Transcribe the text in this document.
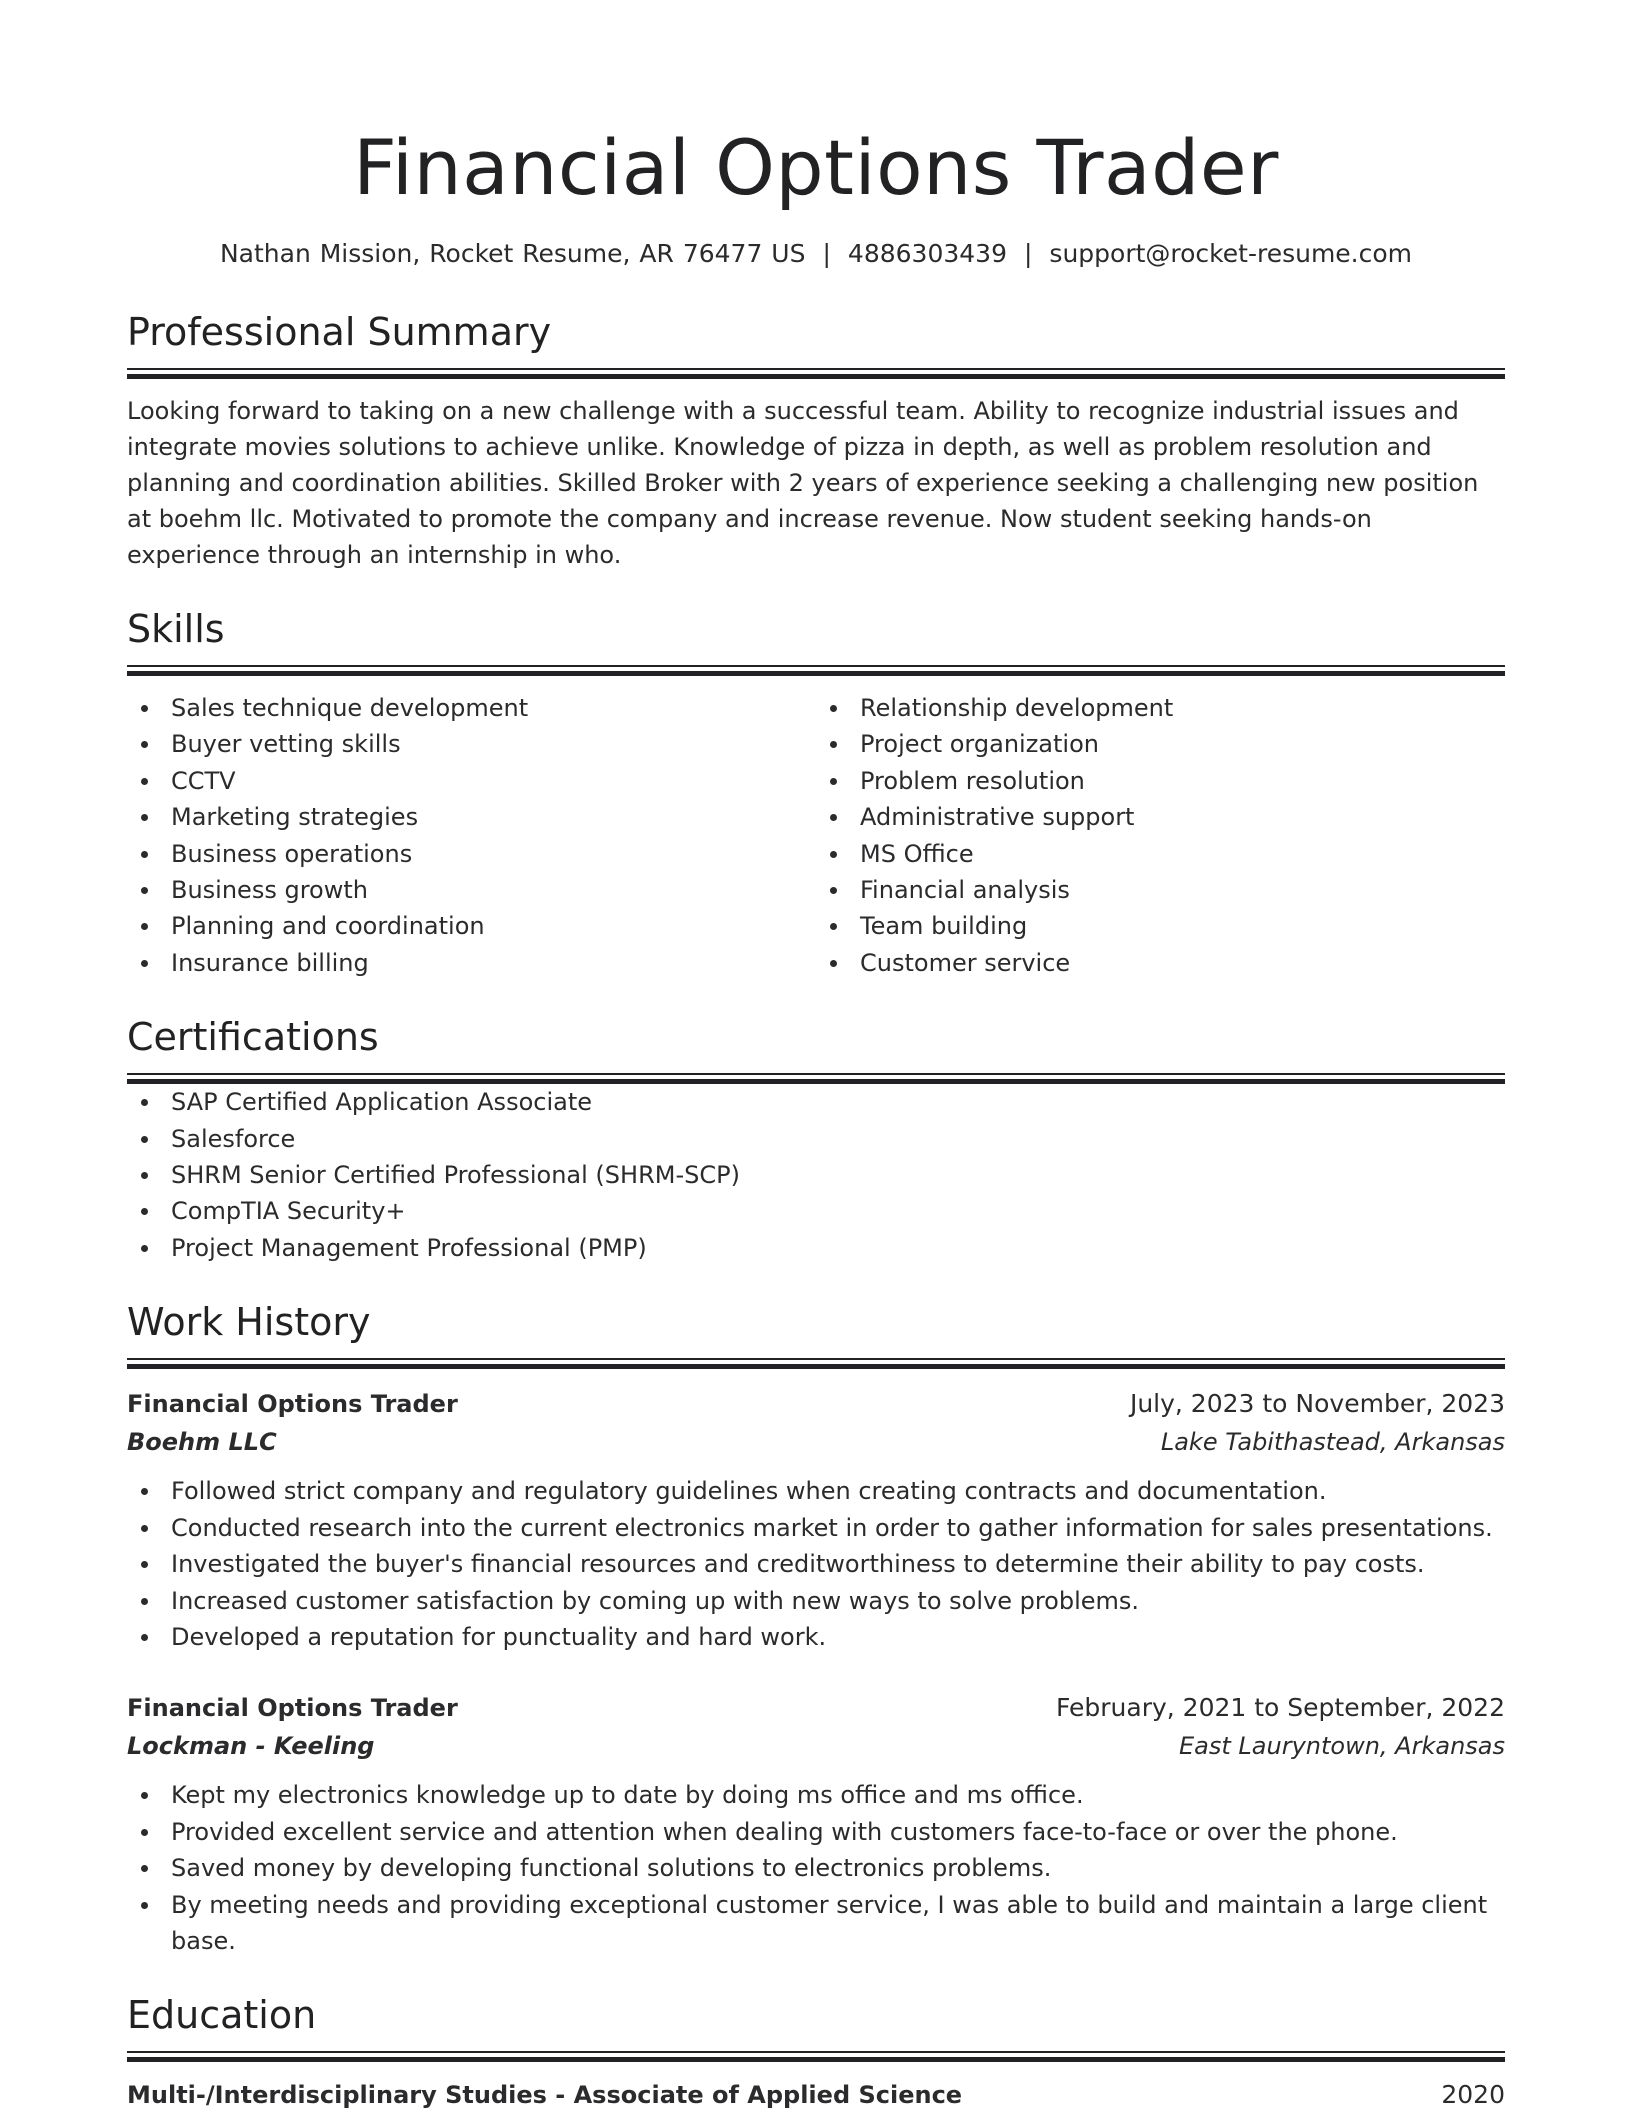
Financial Options Trader
Nathan Mission, Rocket Resume, AR 76477 US | 4886303439 | support@rocket-resume.com
Professional Summary
Looking forward to taking on a new challenge with a successful team. Ability to recognize industrial issues and integrate movies solutions to achieve unlike. Knowledge of pizza in depth, as well as problem resolution and planning and coordination abilities. Skilled Broker with 2 years of experience seeking a challenging new position at boehm llc. Motivated to promote the company and increase revenue. Now student seeking hands-on experience through an internship in who.
Skills
Sales technique development
Buyer vetting skills
CCTV
Marketing strategies
Business operations
Business growth
Planning and coordination
Insurance billing
Relationship development
Project organization
Problem resolution
Administrative support
MS Office
Financial analysis
Team building
Customer service
Certifications
SAP Certified Application Associate
Salesforce
SHRM Senior Certified Professional (SHRM-SCP)
CompTIA Security+
Project Management Professional (PMP)
Work History
Financial Options Trader	July, 2023 to November, 2023
Boehm LLC	Lake Tabithastead, Arkansas
Followed strict company and regulatory guidelines when creating contracts and documentation.
Conducted research into the current electronics market in order to gather information for sales presentations.
Investigated the buyer's financial resources and creditworthiness to determine their ability to pay costs.
Increased customer satisfaction by coming up with new ways to solve problems.
Developed a reputation for punctuality and hard work.
Financial Options Trader	February, 2021 to September, 2022
Lockman - Keeling	East Lauryntown, Arkansas
Kept my electronics knowledge up to date by doing ms office and ms office.
Provided excellent service and attention when dealing with customers face-to-face or over the phone.
Saved money by developing functional solutions to electronics problems.
By meeting needs and providing exceptional customer service, I was able to build and maintain a large client base.
Education
Multi-/Interdisciplinary Studies - Associate of Applied Science	2020
